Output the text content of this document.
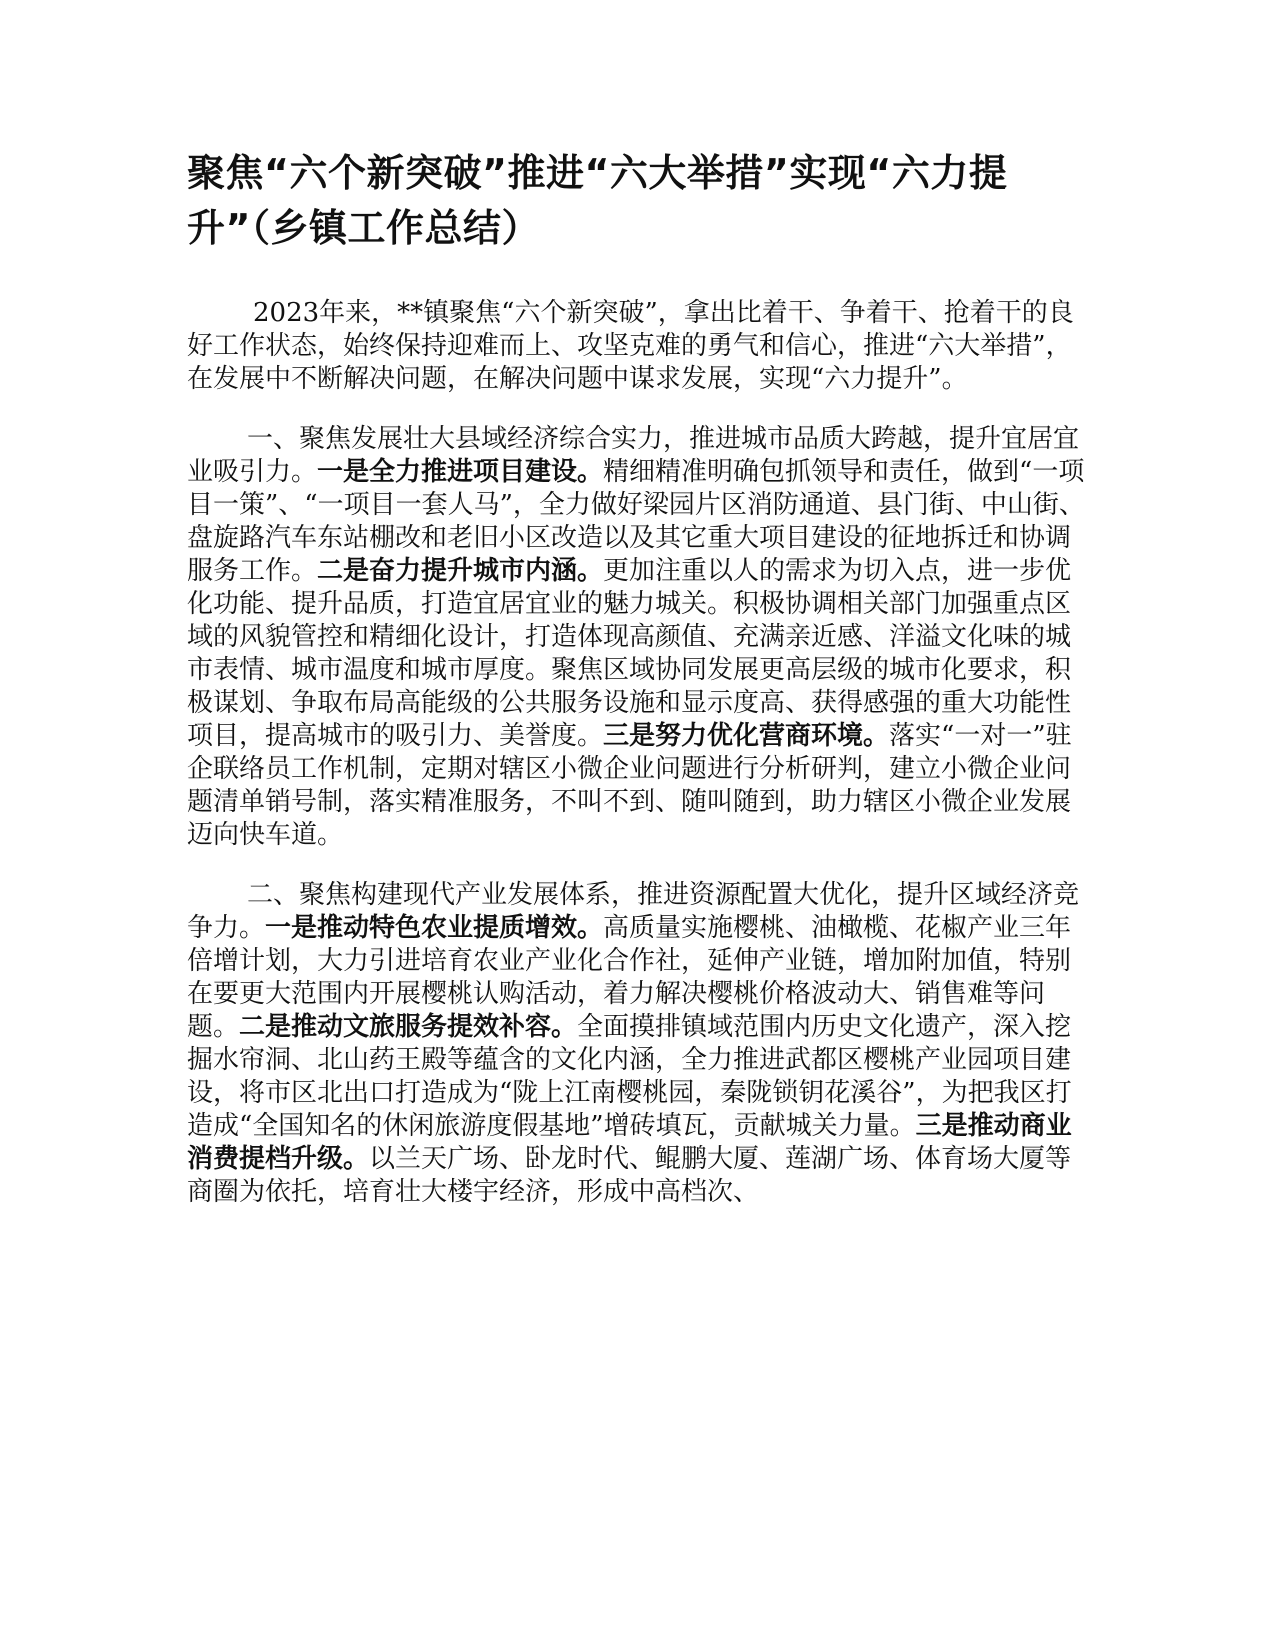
聚焦“六个新突破”推进“六大举措”实现“六力提升”（乡镇工作总结）

2023年来，**镇聚焦“六个新突破”，拿出比着干、争着干、抢着干的良好工作状态，始终保持迎难而上、攻坚克难的勇气和信心，推进“六大举措”，在发展中不断解决问题，在解决问题中谋求发展，实现“六力提升”。

一、聚焦发展壮大县域经济综合实力，推进城市品质大跨越，提升宜居宜业吸引力。一是全力推进项目建设。精细精准明确包抓领导和责任，做到“一项目一策”、“一项目一套人马”，全力做好梁园片区消防通道、县门街、中山街、盘旋路汽车东站棚改和老旧小区改造以及其它重大项目建设的征地拆迁和协调服务工作。二是奋力提升城市内涵。更加注重以人的需求为切入点，进一步优化功能、提升品质，打造宜居宜业的魅力城关。积极协调相关部门加强重点区域的风貌管控和精细化设计，打造体现高颜值、充满亲近感、洋溢文化味的城市表情、城市温度和城市厚度。聚焦区域协同发展更高层级的城市化要求，积极谋划、争取布局高能级的公共服务设施和显示度高、获得感强的重大功能性项目，提高城市的吸引力、美誉度。三是努力优化营商环境。落实“一对一”驻企联络员工作机制，定期对辖区小微企业问题进行分析研判，建立小微企业问题清单销号制，落实精准服务，不叫不到、随叫随到，助力辖区小微企业发展迈向快车道。

二、聚焦构建现代产业发展体系，推进资源配置大优化，提升区域经济竞争力。一是推动特色农业提质增效。高质量实施樱桃、油橄榄、花椒产业三年倍增计划，大力引进培育农业产业化合作社，延伸产业链，增加附加值，特别在要更大范围内开展樱桃认购活动，着力解决樱桃价格波动大、销售难等问题。二是推动文旅服务提效补容。全面摸排镇域范围内历史文化遗产，深入挖掘水帘洞、北山药王殿等蕴含的文化内涵，全力推进武都区樱桃产业园项目建设，将市区北出口打造成为“陇上江南樱桃园，秦陇锁钥花溪谷”，为把我区打造成“全国知名的休闲旅游度假基地”增砖填瓦，贡献城关力量。三是推动商业消费提档升级。以兰天广场、卧龙时代、鲲鹏大厦、莲湖广场、体育场大厦等商圈为依托，培育壮大楼宇经济，形成中高档次、
